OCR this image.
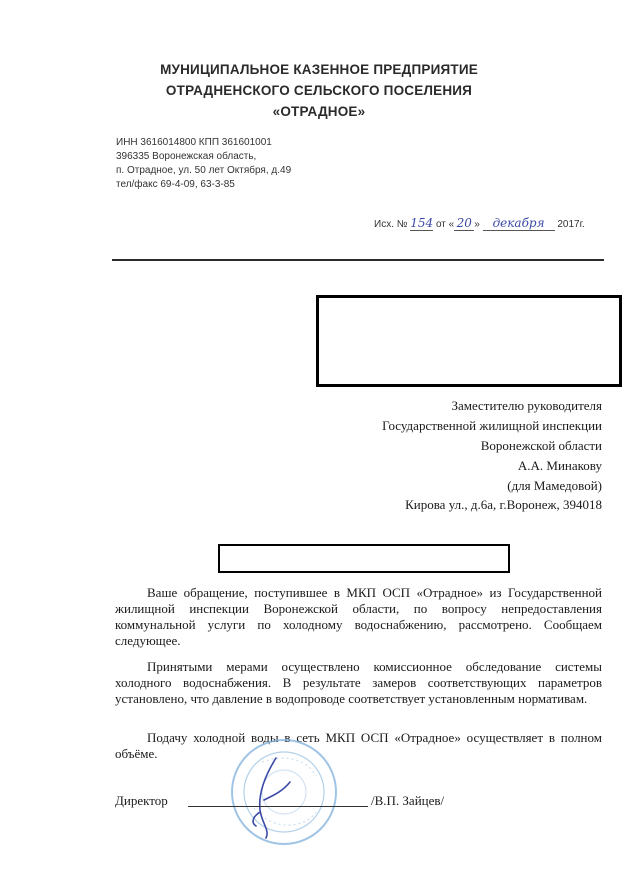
МУНИЦИПАЛЬНОЕ КАЗЕННОЕ ПРЕДПРИЯТИЕ
ОТРАДНЕНСКОГО СЕЛЬСКОГО ПОСЕЛЕНИЯ
«ОТРАДНОЕ»
ИНН 3616014800 КПП 361601001
396335 Воронежская область,
п. Отрадное, ул. 50 лет Октября, д.49
тел/факс 69-4-09, 63-3-85
Исх. № 154 от « 20 » декабря 2017г.
Заместителю руководителя
Государственной жилищной инспекции
Воронежской области
А.А. Минакову
(для Мамедовой)
Кирова ул., д.6а, г.Воронеж, 394018
Ваше обращение, поступившее в МКП ОСП «Отрадное» из Государственной жилищной инспекции Воронежской области, по вопросу непредоставления коммунальной услуги по холодному водоснабжению, рассмотрено. Сообщаем следующее.
Принятыми мерами осуществлено комиссионное обследование системы холодного водоснабжения. В результате замеров соответствующих параметров установлено, что давление в водопроводе соответствует установленным нормативам.
Подачу холодной воды в сеть МКП ОСП «Отрадное» осуществляет в полном объёме.
Директор	/В.П. Зайцев/
